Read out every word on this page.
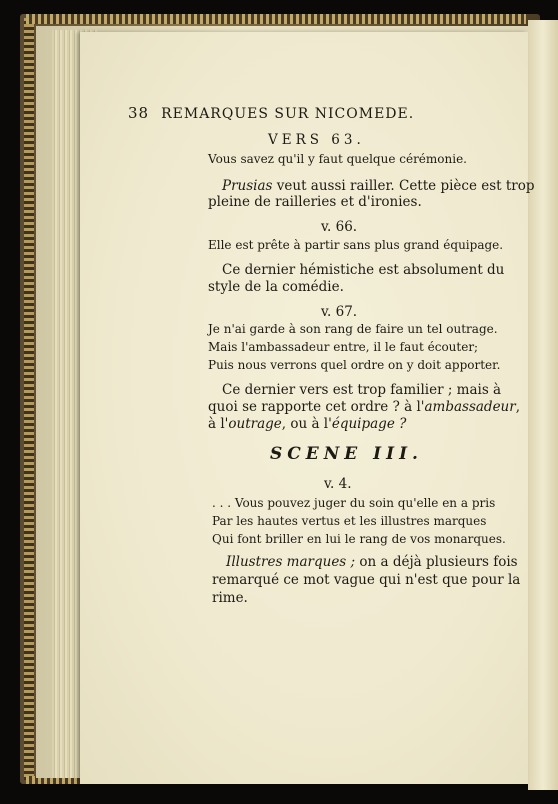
38 REMARQUES SUR NICOMEDE.
VERS 63.
Vous savez qu'il y faut quelque cérémonie.
Prusias veut aussi railler. Cette pièce est trop
pleine de railleries et d'ironies.
v. 66.
Elle est prête à partir sans plus grand équipage.
Ce dernier hémistiche est absolument du
style de la comédie.
v. 67.
Je n'ai garde à son rang de faire un tel outrage.
Mais l'ambassadeur entre, il le faut écouter;
Puis nous verrons quel ordre on y doit apporter.
Ce dernier vers est trop familier ; mais à
quoi se rapporte cet ordre ? à l'ambassadeur,
à l'outrage, ou à l'équipage ?
SCENE III.
v. 4.
. . . Vous pouvez juger du soin qu'elle en a pris
Par les hautes vertus et les illustres marques
Qui font briller en lui le rang de vos monarques.
Illustres marques ; on a déjà plusieurs fois
remarqué ce mot vague qui n'est que pour la
rime.
